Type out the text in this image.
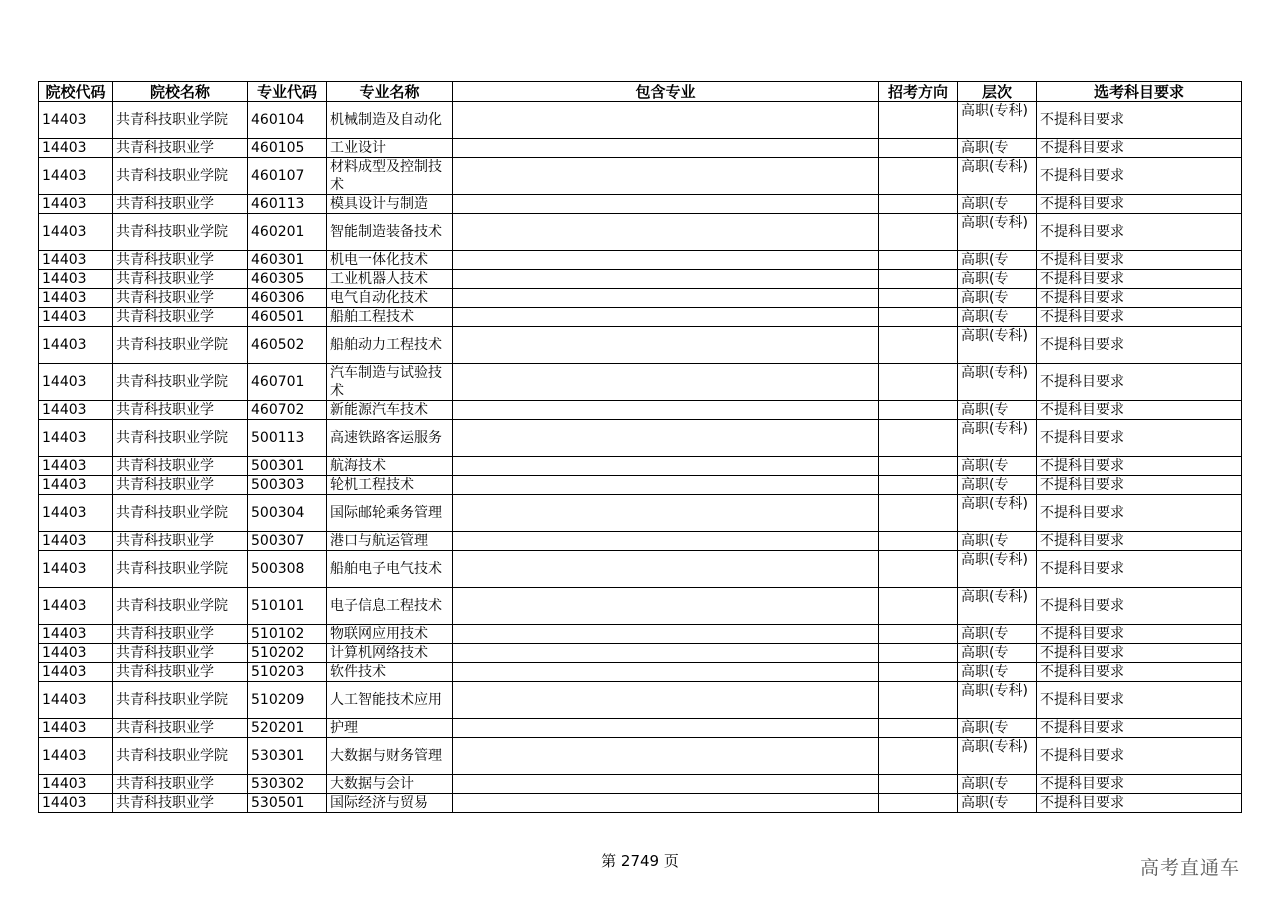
院校代码	院校名称	专业代码	专业名称	包含专业	招考方向	层次	选考科目要求
14403	共青科技职业学院	460104	机械制造及自动化			高职(专科)	不提科目要求
14403	共青科技职业学	460105	工业设计			高职(专	不提科目要求
14403	共青科技职业学院	460107	材料成型及控制技术			高职(专科)	不提科目要求
14403	共青科技职业学	460113	模具设计与制造			高职(专	不提科目要求
14403	共青科技职业学院	460201	智能制造装备技术			高职(专科)	不提科目要求
14403	共青科技职业学	460301	机电一体化技术			高职(专	不提科目要求
14403	共青科技职业学	460305	工业机器人技术			高职(专	不提科目要求
14403	共青科技职业学	460306	电气自动化技术			高职(专	不提科目要求
14403	共青科技职业学	460501	船舶工程技术			高职(专	不提科目要求
14403	共青科技职业学院	460502	船舶动力工程技术			高职(专科)	不提科目要求
14403	共青科技职业学院	460701	汽车制造与试验技术			高职(专科)	不提科目要求
14403	共青科技职业学	460702	新能源汽车技术			高职(专	不提科目要求
14403	共青科技职业学院	500113	高速铁路客运服务			高职(专科)	不提科目要求
14403	共青科技职业学	500301	航海技术			高职(专	不提科目要求
14403	共青科技职业学	500303	轮机工程技术			高职(专	不提科目要求
14403	共青科技职业学院	500304	国际邮轮乘务管理			高职(专科)	不提科目要求
14403	共青科技职业学	500307	港口与航运管理			高职(专	不提科目要求
14403	共青科技职业学院	500308	船舶电子电气技术			高职(专科)	不提科目要求
14403	共青科技职业学院	510101	电子信息工程技术			高职(专科)	不提科目要求
14403	共青科技职业学	510102	物联网应用技术			高职(专	不提科目要求
14403	共青科技职业学	510202	计算机网络技术			高职(专	不提科目要求
14403	共青科技职业学	510203	软件技术			高职(专	不提科目要求
14403	共青科技职业学院	510209	人工智能技术应用			高职(专科)	不提科目要求
14403	共青科技职业学	520201	护理			高职(专	不提科目要求
14403	共青科技职业学院	530301	大数据与财务管理			高职(专科)	不提科目要求
14403	共青科技职业学	530302	大数据与会计			高职(专	不提科目要求
14403	共青科技职业学	530501	国际经济与贸易			高职(专	不提科目要求
第 2749 页	高考直通车
